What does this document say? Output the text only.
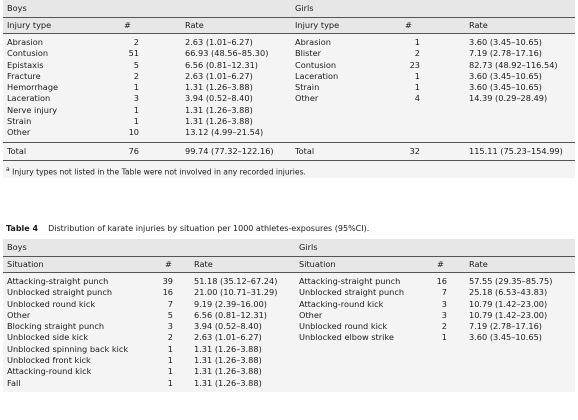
Boys	Girls
Injury type	#	Rate	Injury type	#	Rate
Abrasion	2	2.63 (1.01–6.27)	Abrasion	1	3.60 (3.45–10.65)
Contusion	51	66.93 (48.56–85.30)	Blister	2	7.19 (2.78–17.16)
Epistaxis	5	6.56 (0.81–12.31)	Contusion	23	82.73 (48.92–116.54)
Fracture	2	2.63 (1.01–6.27)	Laceration	1	3.60 (3.45–10.65)
Hemorrhage	1	1.31 (1.26–3.88)	Strain	1	3.60 (3.45–10.65)
Laceration	3	3.94 (0.52–8.40)	Other	4	14.39 (0.29–28.49)
Nerve injury	1	1.31 (1.26–3.88)
Strain	1	1.31 (1.26–3.88)
Other	10	13.12 (4.99–21.54)
Total	76	99.74 (77.32–122.16)	Total	32	115.11 (75.23–154.99)
$^a$ Injury types not listed in the Table were not involved in any recorded injuries.
Table 4 Distribution of karate injuries by situation per 1000 athletes-exposures (95%CI).
Boys	Girls
Situation	#	Rate	Situation	#	Rate
Attacking-straight punch	39	51.18 (35.12–67.24)	Attacking-straight punch	16	57.55 (29.35–85.75)
Unblocked straight punch	16	21.00 (10.71–31.29)	Unblocked straight punch	7	25.18 (6.53–43.83)
Unblocked round kick	7	9.19 (2.39–16.00)	Attacking-round kick	3	10.79 (1.42–23.00)
Other	5	6.56 (0.81–12.31)	Other	3	10.79 (1.42–23.00)
Blocking straight punch	3	3.94 (0.52–8.40)	Unblocked round kick	2	7.19 (2.78–17.16)
Unblocked side kick	2	2.63 (1.01–6.27)	Unblocked elbow strike	1	3.60 (3.45–10.65)
Unblocked spinning back kick	1	1.31 (1.26–3.88)
Unblocked front kick	1	1.31 (1.26–3.88)
Attacking-round kick	1	1.31 (1.26–3.88)
Fall	1	1.31 (1.26–3.88)
